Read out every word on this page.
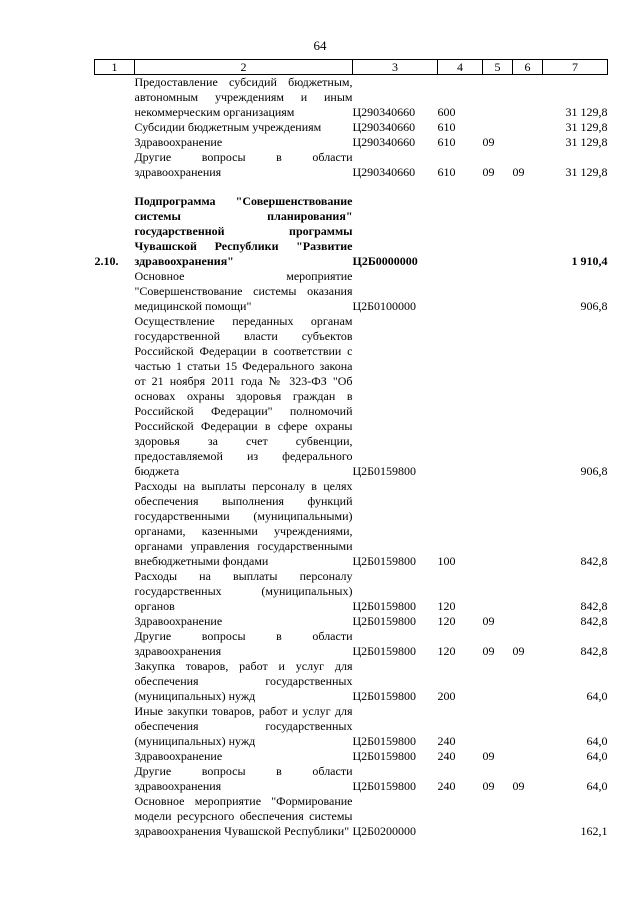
64
1	2	3	4	5	6	7
	Предоставление субсидий бюджетным, автономным учреждениям и иным некоммерческим организациям	Ц290340660	600			31 129,8
	Субсидии бюджетным учреждениям	Ц290340660	610			31 129,8
	Здравоохранение	Ц290340660	610	09		31 129,8
	Другие вопросы в области здравоохранения	Ц290340660	610	09	09	31 129,8

2.10.	Подпрограмма "Совершенствование системы планирования" государственной программы Чувашской Республики "Развитие здравоохранения"	Ц2Б0000000				1 910,4
	Основное мероприятие "Совершенствование системы оказания медицинской помощи"	Ц2Б0100000				906,8
	Осуществление переданных органам государственной власти субъектов Российской Федерации в соответствии с частью 1 статьи 15 Федерального закона от 21 ноября 2011 года № 323-ФЗ "Об основах охраны здоровья граждан в Российской Федерации" полномочий Российской Федерации в сфере охраны здоровья за счет субвенции, предоставляемой из федерального бюджета	Ц2Б0159800				906,8
	Расходы на выплаты персоналу в целях обеспечения выполнения функций государственными (муниципальными) органами, казенными учреждениями, органами управления государственными внебюджетными фондами	Ц2Б0159800	100			842,8
	Расходы на выплаты персоналу государственных (муниципальных) органов	Ц2Б0159800	120			842,8
	Здравоохранение	Ц2Б0159800	120	09		842,8
	Другие вопросы в области здравоохранения	Ц2Б0159800	120	09	09	842,8
	Закупка товаров, работ и услуг для обеспечения государственных (муниципальных) нужд	Ц2Б0159800	200			64,0
	Иные закупки товаров, работ и услуг для обеспечения государственных (муниципальных) нужд	Ц2Б0159800	240			64,0
	Здравоохранение	Ц2Б0159800	240	09		64,0
	Другие вопросы в области здравоохранения	Ц2Б0159800	240	09	09	64,0
	Основное мероприятие "Формирование модели ресурсного обеспечения системы здравоохранения Чувашской Республики"	Ц2Б0200000				162,1
